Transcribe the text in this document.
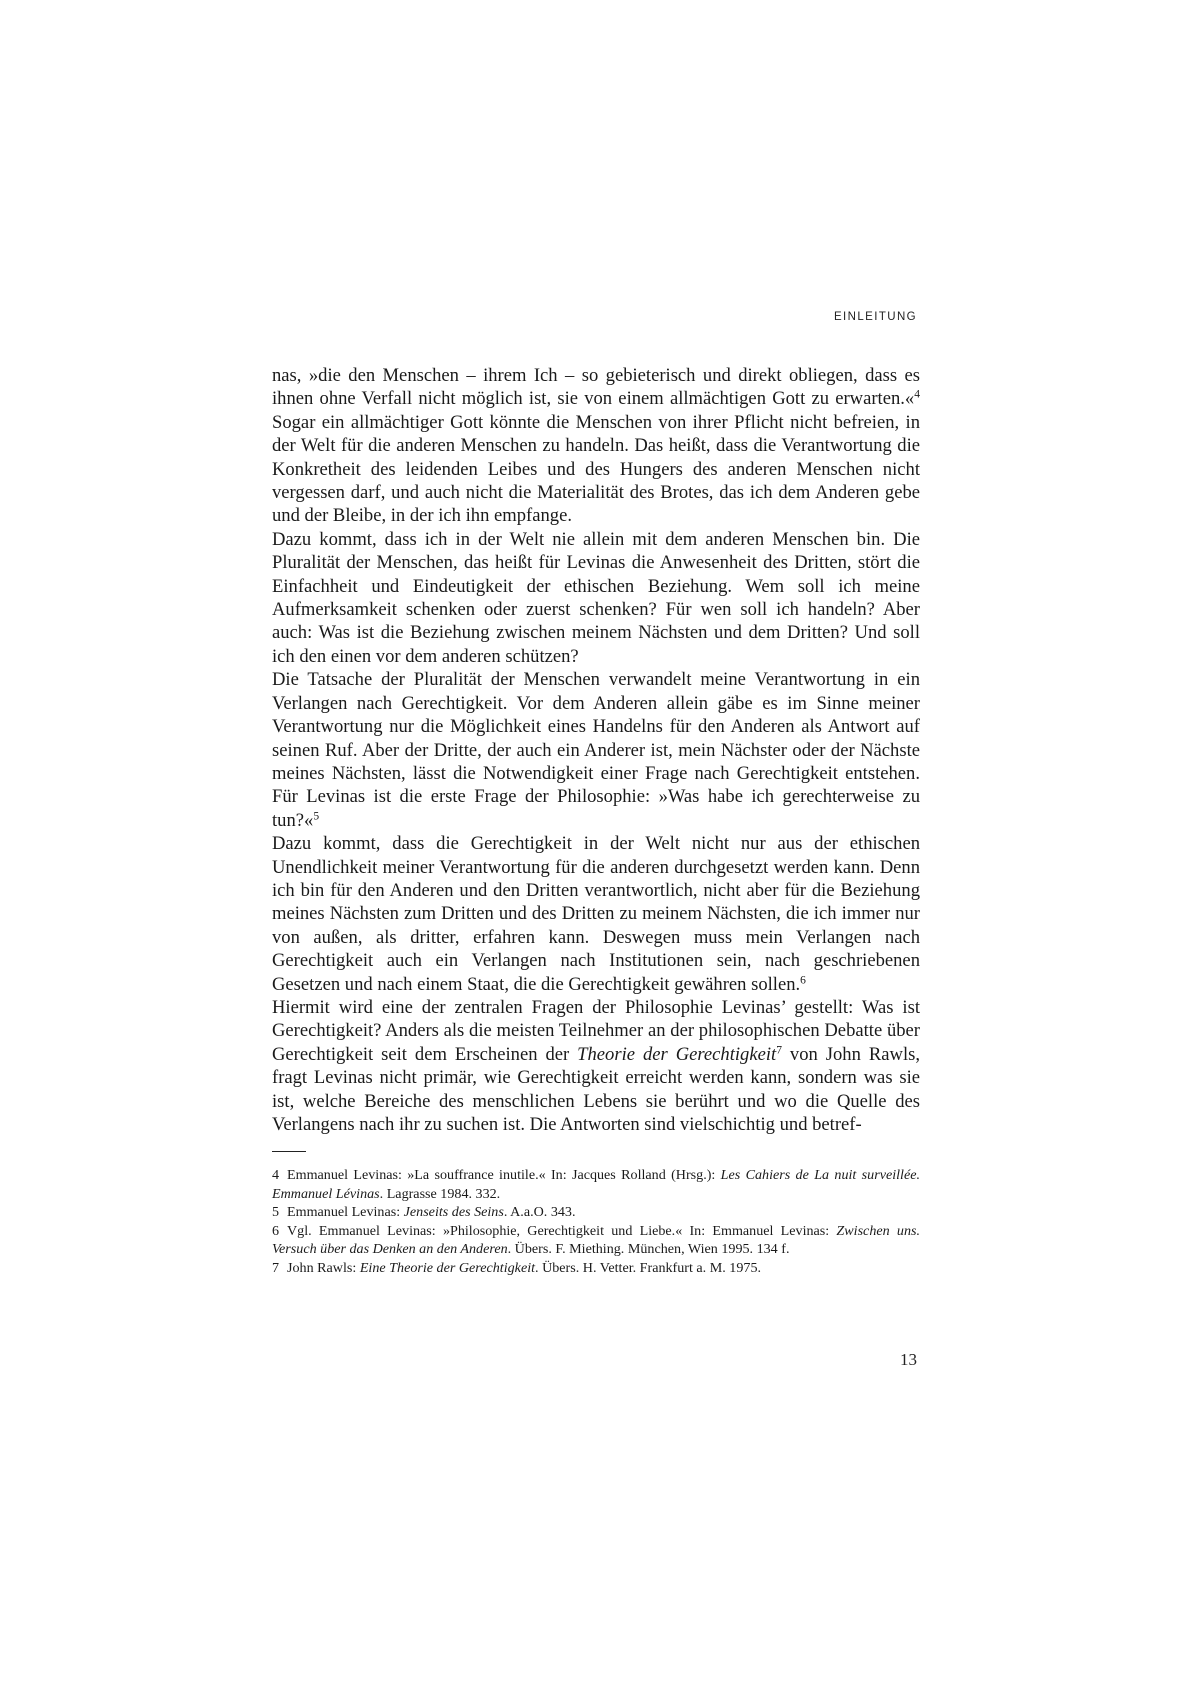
EINLEITUNG

nas, »die den Menschen – ihrem Ich – so gebieterisch und direkt obliegen, dass es ihnen ohne Verfall nicht möglich ist, sie von einem allmächtigen Gott zu erwarten.«$^4$ Sogar ein allmächtiger Gott könnte die Menschen von ihrer Pflicht nicht befreien, in der Welt für die anderen Menschen zu handeln. Das heißt, dass die Verantwortung die Konkretheit des leidenden Leibes und des Hungers des anderen Menschen nicht vergessen darf, und auch nicht die Materialität des Brotes, das ich dem Anderen gebe und der Bleibe, in der ich ihn empfange.

Dazu kommt, dass ich in der Welt nie allein mit dem anderen Menschen bin. Die Pluralität der Menschen, das heißt für Levinas die Anwesenheit des Dritten, stört die Einfachheit und Eindeutigkeit der ethischen Beziehung. Wem soll ich meine Aufmerksamkeit schenken oder zuerst schenken? Für wen soll ich handeln? Aber auch: Was ist die Beziehung zwischen meinem Nächsten und dem Dritten? Und soll ich den einen vor dem anderen schützen?

Die Tatsache der Pluralität der Menschen verwandelt meine Verantwortung in ein Verlangen nach Gerechtigkeit. Vor dem Anderen allein gäbe es im Sinne meiner Verantwortung nur die Möglichkeit eines Handelns für den Anderen als Antwort auf seinen Ruf. Aber der Dritte, der auch ein Anderer ist, mein Nächster oder der Nächste meines Nächsten, lässt die Notwendigkeit einer Frage nach Gerechtigkeit entstehen. Für Levinas ist die erste Frage der Philosophie: »Was habe ich gerechterweise zu tun?«$^5$

Dazu kommt, dass die Gerechtigkeit in der Welt nicht nur aus der ethischen Unendlichkeit meiner Verantwortung für die anderen durchgesetzt werden kann. Denn ich bin für den Anderen und den Dritten verantwortlich, nicht aber für die Beziehung meines Nächsten zum Dritten und des Dritten zu meinem Nächsten, die ich immer nur von außen, als dritter, erfahren kann. Deswegen muss mein Verlangen nach Gerechtigkeit auch ein Verlangen nach Institutionen sein, nach geschriebenen Gesetzen und nach einem Staat, die die Gerechtigkeit gewähren sollen.$^6$

Hiermit wird eine der zentralen Fragen der Philosophie Levinas’ gestellt: Was ist Gerechtigkeit? Anders als die meisten Teilnehmer an der philosophischen Debatte über Gerechtigkeit seit dem Erscheinen der Theorie der Gerechtigkeit$^7$ von John Rawls, fragt Levinas nicht primär, wie Gerechtigkeit erreicht werden kann, sondern was sie ist, welche Bereiche des menschlichen Lebens sie berührt und wo die Quelle des Verlangens nach ihr zu suchen ist. Die Antworten sind vielschichtig und betref-

4 Emmanuel Levinas: »La souffrance inutile.« In: Jacques Rolland (Hrsg.): Les Cahiers de La nuit surveillée. Emmanuel Lévinas. Lagrasse 1984. 332.

5 Emmanuel Levinas: Jenseits des Seins. A.a.O. 343.

6 Vgl. Emmanuel Levinas: »Philosophie, Gerechtigkeit und Liebe.« In: Emmanuel Levinas: Zwischen uns. Versuch über das Denken an den Anderen. Übers. F. Miething. München, Wien 1995. 134 f.

7 John Rawls: Eine Theorie der Gerechtigkeit. Übers. H. Vetter. Frankfurt a. M. 1975.

13
